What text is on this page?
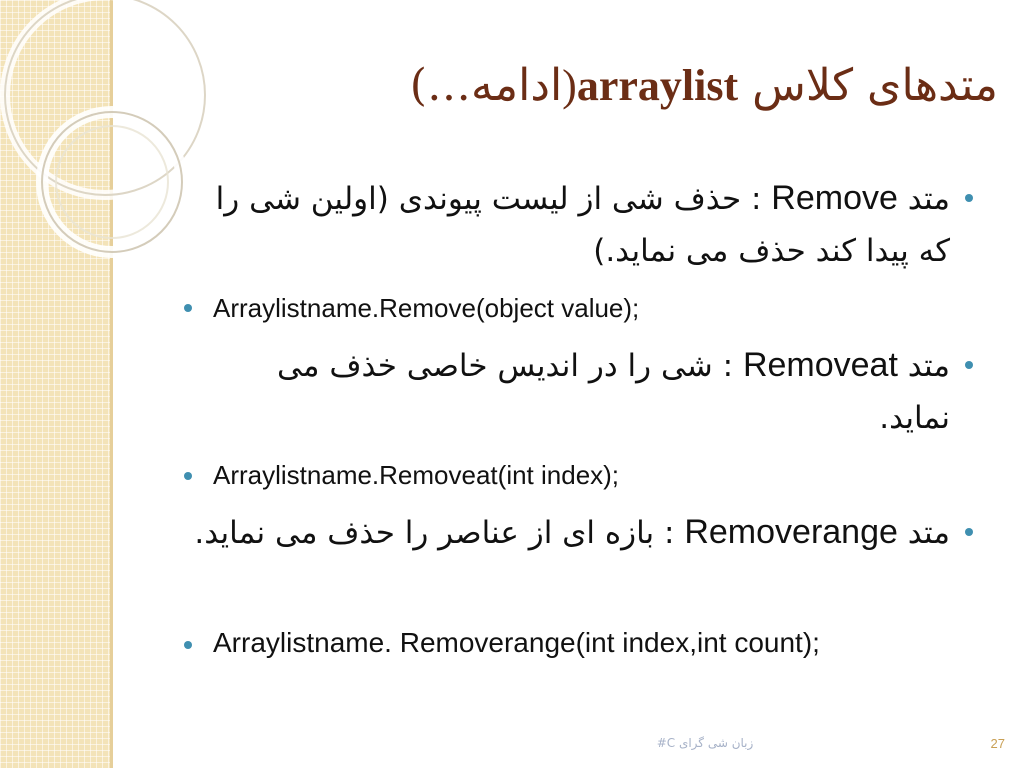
متدهای کلاس arraylist(ادامه…)
متد Remove : حذف شی از لیست پیوندی (اولین شی را که پیدا کند حذف می نماید.)
Arraylistname.Remove(object value);
متد Removeat : شی را در اندیس خاصی خذف می نماید.
Arraylistname.Removeat(int index);
متد Removerange : بازه ای از عناصر را حذف می نماید.
Arraylistname. Removerange(int index,int count);
زبان شی گرای C#	27
